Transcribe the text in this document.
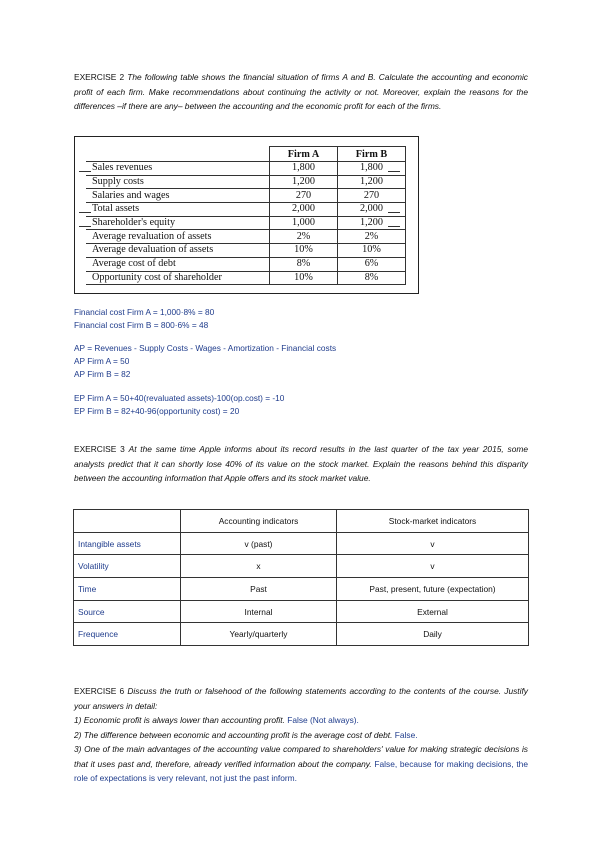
EXERCISE 2 The following table shows the financial situation of firms A and B. Calculate the accounting and economic profit of each firm. Make recommendations about continuing the activity or not. Moreover, explain the reasons for the differences –if there are any– between the accounting and the economic profit for each of the firms.
	Firm A	Firm B
Sales revenues	1,800	1,800
Supply costs	1,200	1,200
Salaries and wages	270	270
Total assets	2,000	2,000
Shareholder's equity	1,000	1,200
Average revaluation of assets	2%	2%
Average devaluation of assets	10%	10%
Average cost of debt	8%	6%
Opportunity cost of shareholder	10%	8%
Financial cost Firm A = 1,000·8% = 80
Financial cost Firm B = 800·6% = 48
AP = Revenues - Supply Costs - Wages - Amortization - Financial costs
AP Firm A = 50
AP Firm B = 82
EP Firm A = 50+40(revaluated assets)-100(op.cost) = -10
EP Firm B = 82+40-96(opportunity cost) = 20
EXERCISE 3 At the same time Apple informs about its record results in the last quarter of the tax year 2015, some analysts predict that it can shortly lose 40% of its value on the stock market. Explain the reasons behind this disparity between the accounting information that Apple offers and its stock market value.
	Accounting indicators	Stock-market indicators
Intangible assets	v (past)	v
Volatility	x	v
Time	Past	Past, present, future (expectation)
Source	Internal	External
Frequence	Yearly/quarterly	Daily
EXERCISE 6 Discuss the truth or falsehood of the following statements according to the contents of the course. Justify your answers in detail:
1) Economic profit is always lower than accounting profit. False (Not always).
2) The difference between economic and accounting profit is the average cost of debt. False.
3) One of the main advantages of the accounting value compared to shareholders' value for making strategic decisions is that it uses past and, therefore, already verified information about the company. False, because for making decisions, the role of expectations is very relevant, not just the past inform.
